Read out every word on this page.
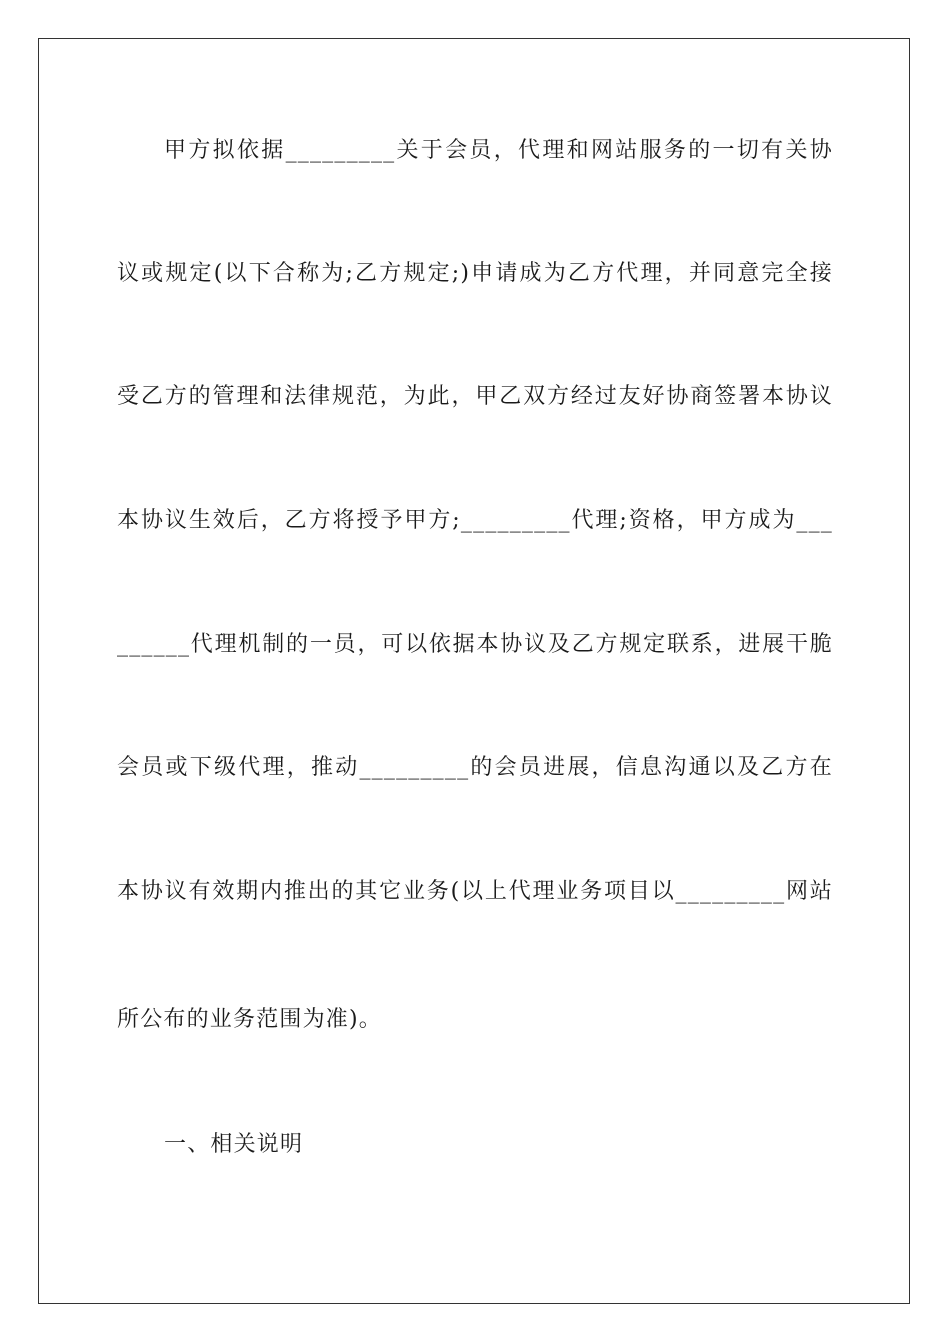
甲方拟依据_________关于会员，代理和网站服务的一切有关协
议或规定(以下合称为;乙方规定;)申请成为乙方代理，并同意完全接
受乙方的管理和法律规范，为此，甲乙双方经过友好协商签署本协议
本协议生效后，乙方将授予甲方;_________代理;资格，甲方成为___
______代理机制的一员，可以依据本协议及乙方规定联系，进展干脆
会员或下级代理，推动_________的会员进展，信息沟通以及乙方在
本协议有效期内推出的其它业务(以上代理业务项目以_________网站
所公布的业务范围为准)。
一、相关说明
